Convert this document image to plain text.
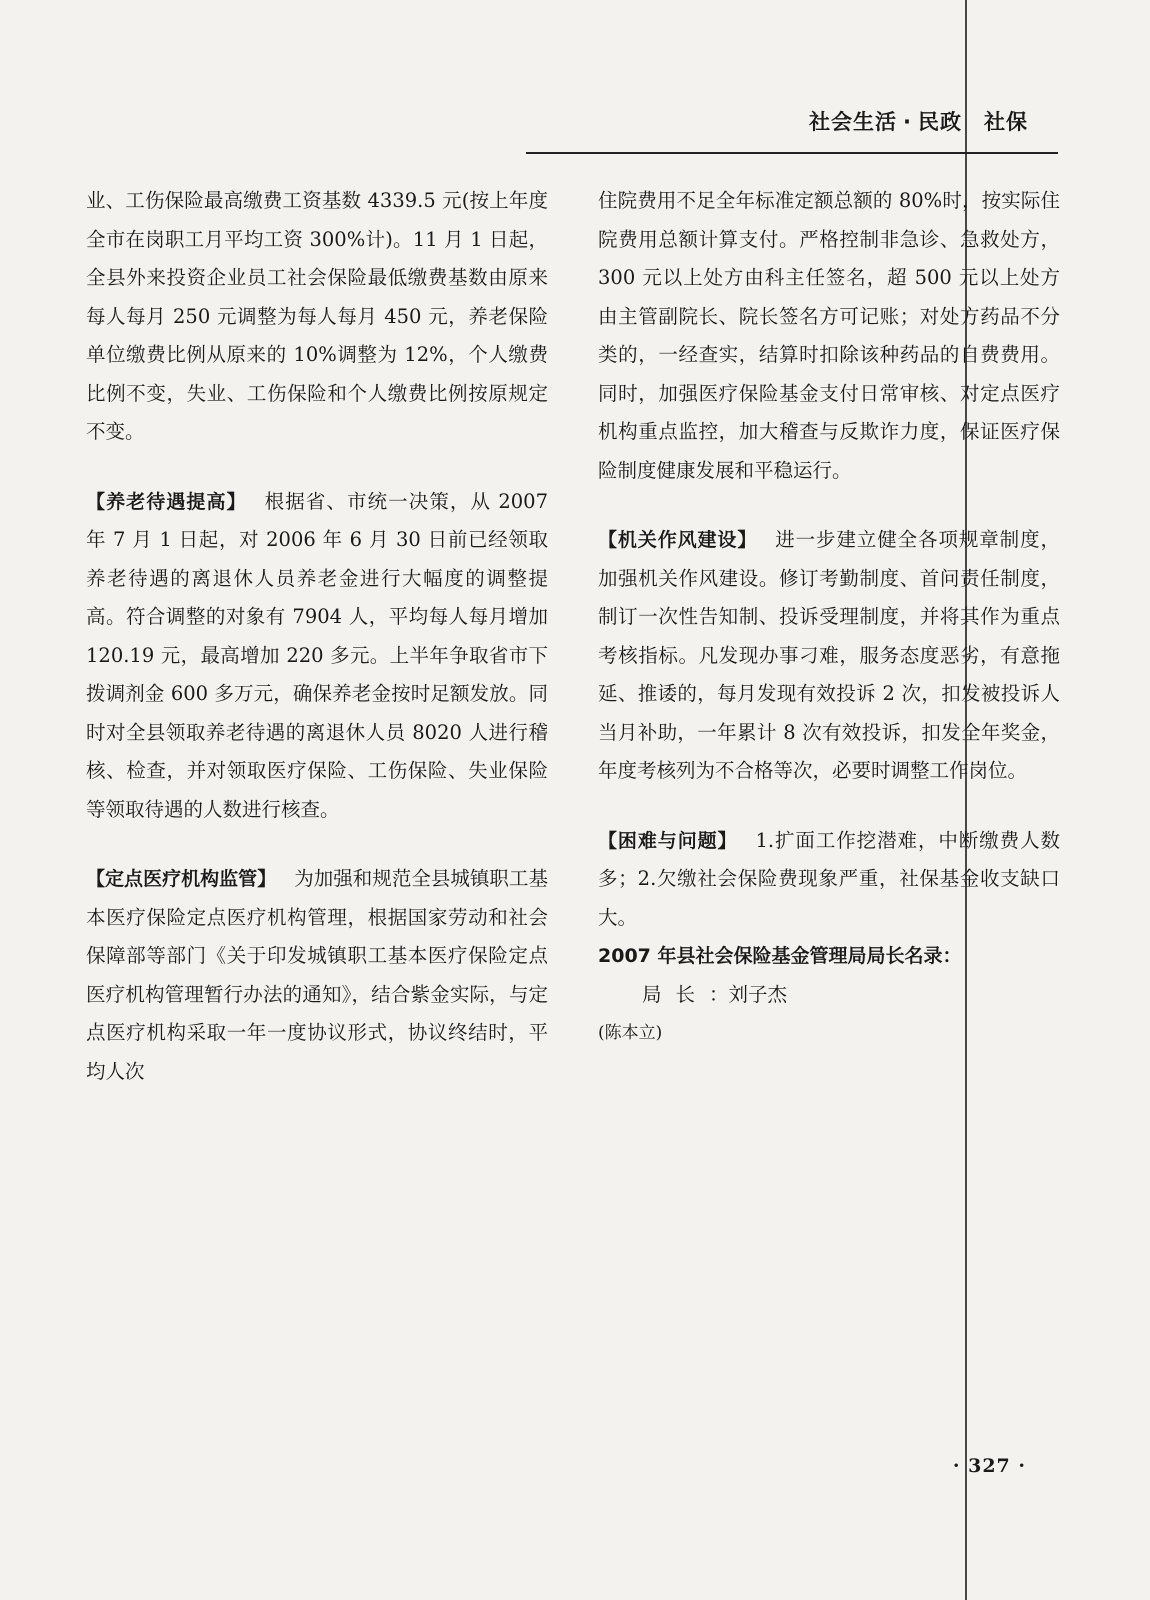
社会生活 · 民政 社保

业、工伤保险最高缴费工资基数 4339.5 元(按上年度全市在岗职工月平均工资 300%计)。11 月 1 日起，全县外来投资企业员工社会保险最低缴费基数由原来每人每月 250 元调整为每人每月 450 元，养老保险单位缴费比例从原来的 10%调整为 12%，个人缴费比例不变，失业、工伤保险和个人缴费比例按原规定不变。

【养老待遇提高】 根据省、市统一决策，从 2007 年 7 月 1 日起，对 2006 年 6 月 30 日前已经领取养老待遇的离退休人员养老金进行大幅度的调整提高。符合调整的对象有 7904 人，平均每人每月增加 120.19 元，最高增加 220 多元。上半年争取省市下拨调剂金 600 多万元，确保养老金按时足额发放。同时对全县领取养老待遇的离退休人员 8020 人进行稽核、检查，并对领取医疗保险、工伤保险、失业保险等领取待遇的人数进行核查。

【定点医疗机构监管】 为加强和规范全县城镇职工基本医疗保险定点医疗机构管理，根据国家劳动和社会保障部等部门《关于印发城镇职工基本医疗保险定点医疗机构管理暂行办法的通知》，结合紫金实际，与定点医疗机构采取一年一度协议形式，协议终结时，平均人次

住院费用不足全年标准定额总额的 80%时，按实际住院费用总额计算支付。严格控制非急诊、急救处方，300 元以上处方由科主任签名，超 500 元以上处方由主管副院长、院长签名方可记账；对处方药品不分类的，一经查实，结算时扣除该种药品的自费费用。同时，加强医疗保险基金支付日常审核、对定点医疗机构重点监控，加大稽查与反欺诈力度，保证医疗保险制度健康发展和平稳运行。

【机关作风建设】 进一步建立健全各项规章制度，加强机关作风建设。修订考勤制度、首问责任制度，制订一次性告知制、投诉受理制度，并将其作为重点考核指标。凡发现办事刁难，服务态度恶劣，有意拖延、推诿的，每月发现有效投诉 2 次，扣发被投诉人当月补助，一年累计 8 次有效投诉，扣发全年奖金，年度考核列为不合格等次，必要时调整工作岗位。

【困难与问题】 1.扩面工作挖潜难，中断缴费人数多；2.欠缴社会保险费现象严重，社保基金收支缺口大。

2007 年县社会保险基金管理局局长名录：

局长：刘子杰

(陈本立)

· 327 ·
